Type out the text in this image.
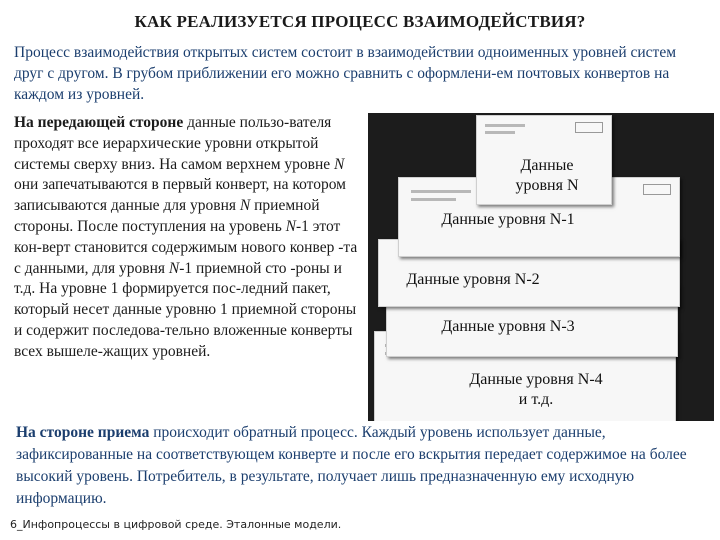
КАК РЕАЛИЗУЕТСЯ ПРОЦЕСС ВЗАИМОДЕЙСТВИЯ?
Процесс взаимодействия открытых систем состоит в взаимодействии одноименных уровней систем друг с другом. В грубом приближении его можно сравнить с оформлени-ем почтовых конвертов на каждом из уровней.
На передающей стороне данные пользо-вателя проходят все иерархические уровни открытой системы сверху вниз. На самом верхнем уровне N они запечатываются в первый конверт, на котором записываются данные для уровня N приемной стороны. После поступления на уровень N-1 этот кон-верт становится содержимым нового конвер -та с данными, для уровня N-1 приемной сто -роны и т.д. На уровне 1 формируется пос-ледний пакет, который несет данные уровню 1 приемной стороны и содержит последова-тельно вложенные конверты всех вышеле-жащих уровней.
Данные
уровня N
Данные уровня N-1
Данные уровня N-2
Данные уровня N-3
Данные уровня N-4
и т.д.
На стороне приема происходит обратный процесс. Каждый уровень использует данные, зафиксированные на соответствующем конверте и после его вскрытия передает содержимое на более высокий уровень. Потребитель, в результате, получает лишь предназначенную ему исходную информацию.
6_Инфопроцессы в цифровой среде. Эталонные модели.
